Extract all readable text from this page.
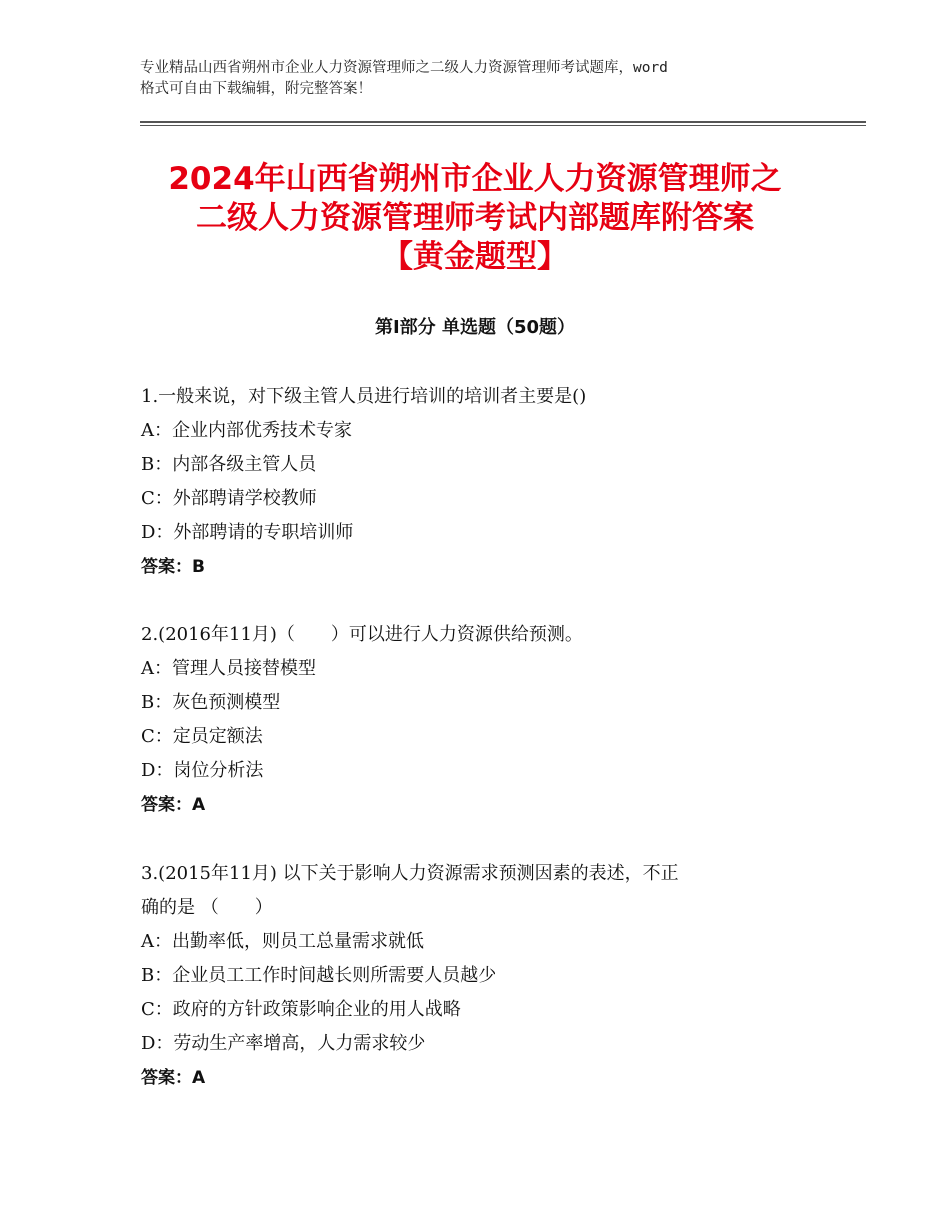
专业精品山西省朔州市企业人力资源管理师之二级人力资源管理师考试题库，word
格式可自由下载编辑，附完整答案！
2024年山西省朔州市企业人力资源管理师之
二级人力资源管理师考试内部题库附答案
【黄金题型】
第Ⅰ部分 单选题（50题）
1.一般来说，对下级主管人员进行培训的培训者主要是()
A：企业内部优秀技术专家
B：内部各级主管人员
C：外部聘请学校教师
D：外部聘请的专职培训师
答案：B
2.(2016年11月)（　　）可以进行人力资源供给预测。
A：管理人员接替模型
B：灰色预测模型
C：定员定额法
D：岗位分析法
答案：A
3.(2015年11月) 以下关于影响人力资源需求预测因素的表述，不正
确的是 （　　）
A：出勤率低，则员工总量需求就低
B：企业员工工作时间越长则所需要人员越少
C：政府的方针政策影响企业的用人战略
D：劳动生产率增高，人力需求较少
答案：A
